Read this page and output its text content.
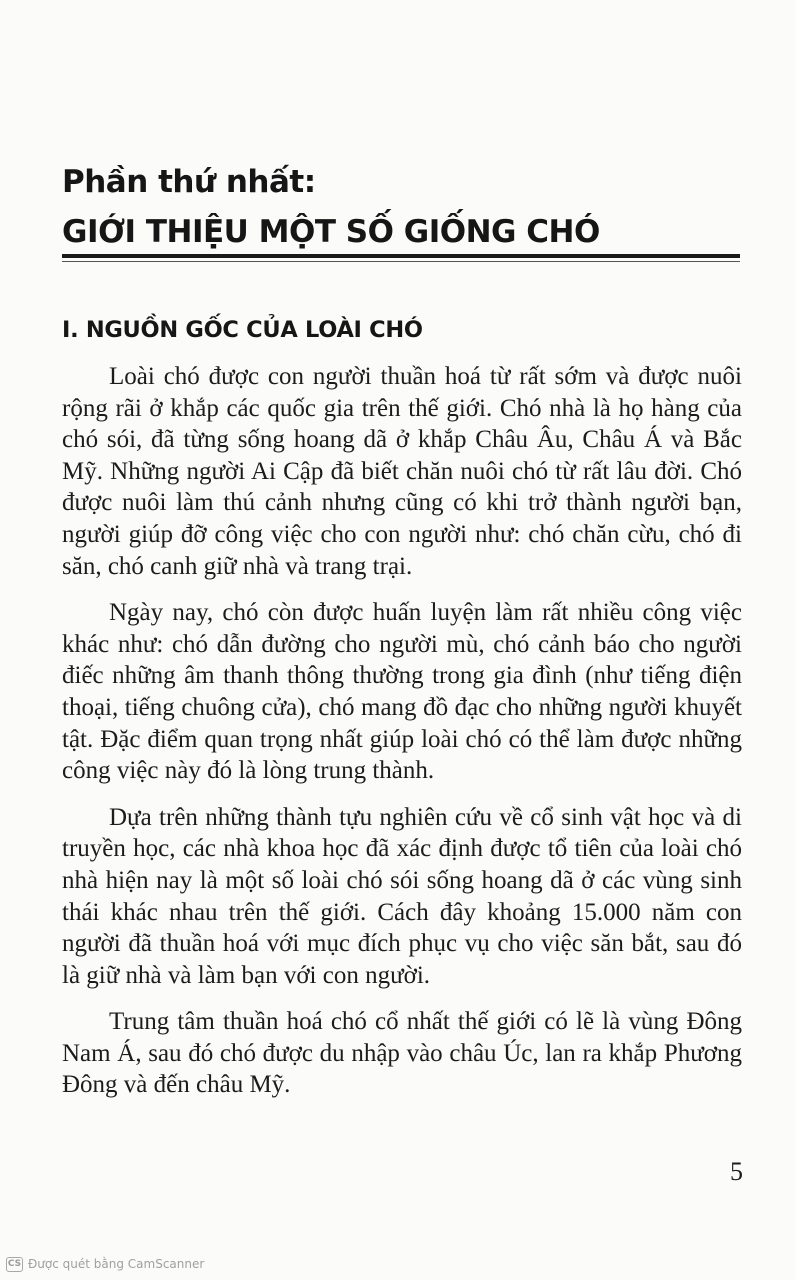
Phần thứ nhất:
GIỚI THIỆU MỘT SỐ GIỐNG CHÓ
I. NGUỒN GỐC CỦA LOÀI CHÓ

Loài chó được con người thuần hoá từ rất sớm và được nuôi rộng rãi ở khắp các quốc gia trên thế giới. Chó nhà là họ hàng của chó sói, đã từng sống hoang dã ở khắp Châu Âu, Châu Á và Bắc Mỹ. Những người Ai Cập đã biết chăn nuôi chó từ rất lâu đời. Chó được nuôi làm thú cảnh nhưng cũng có khi trở thành người bạn, người giúp đỡ công việc cho con người như: chó chăn cừu, chó đi săn, chó canh giữ nhà và trang trại.

Ngày nay, chó còn được huấn luyện làm rất nhiều công việc khác như: chó dẫn đường cho người mù, chó cảnh báo cho người điếc những âm thanh thông thường trong gia đình (như tiếng điện thoại, tiếng chuông cửa), chó mang đồ đạc cho những người khuyết tật. Đặc điểm quan trọng nhất giúp loài chó có thể làm được những công việc này đó là lòng trung thành.

Dựa trên những thành tựu nghiên cứu về cổ sinh vật học và di truyền học, các nhà khoa học đã xác định được tổ tiên của loài chó nhà hiện nay là một số loài chó sói sống hoang dã ở các vùng sinh thái khác nhau trên thế giới. Cách đây khoảng 15.000 năm con người đã thuần hoá với mục đích phục vụ cho việc săn bắt, sau đó là giữ nhà và làm bạn với con người.

Trung tâm thuần hoá chó cổ nhất thế giới có lẽ là vùng Đông Nam Á, sau đó chó được du nhập vào châu Úc, lan ra khắp Phương Đông và đến châu Mỹ.

5
CS Được quét bằng CamScanner
